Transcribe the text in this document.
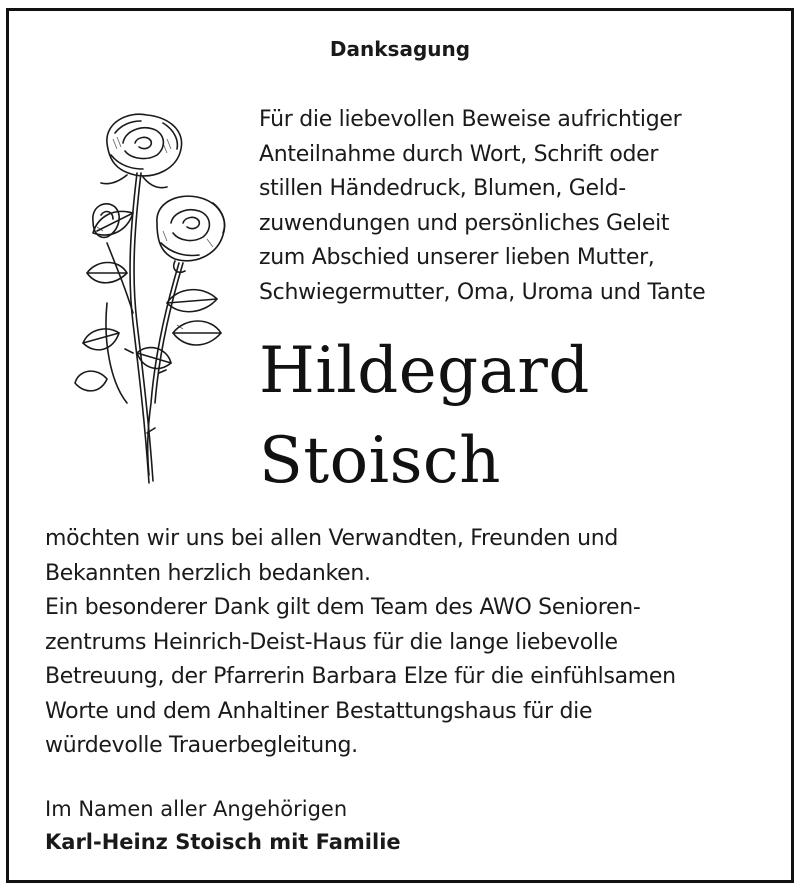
Danksagung
Für die liebevollen Beweise aufrichtiger
Anteilnahme durch Wort, Schrift oder
stillen Händedruck, Blumen, Geld-
zuwendungen und persönliches Geleit
zum Abschied unserer lieben Mutter,
Schwiegermutter, Oma, Uroma und Tante
Hildegard
Stoisch
möchten wir uns bei allen Verwandten, Freunden und
Bekannten herzlich bedanken.
Ein besonderer Dank gilt dem Team des AWO Senioren-
zentrums Heinrich-Deist-Haus für die lange liebevolle
Betreuung, der Pfarrerin Barbara Elze für die einfühlsamen
Worte und dem Anhaltiner Bestattungshaus für die
würdevolle Trauerbegleitung.
Im Namen aller Angehörigen
Karl-Heinz Stoisch mit Familie
